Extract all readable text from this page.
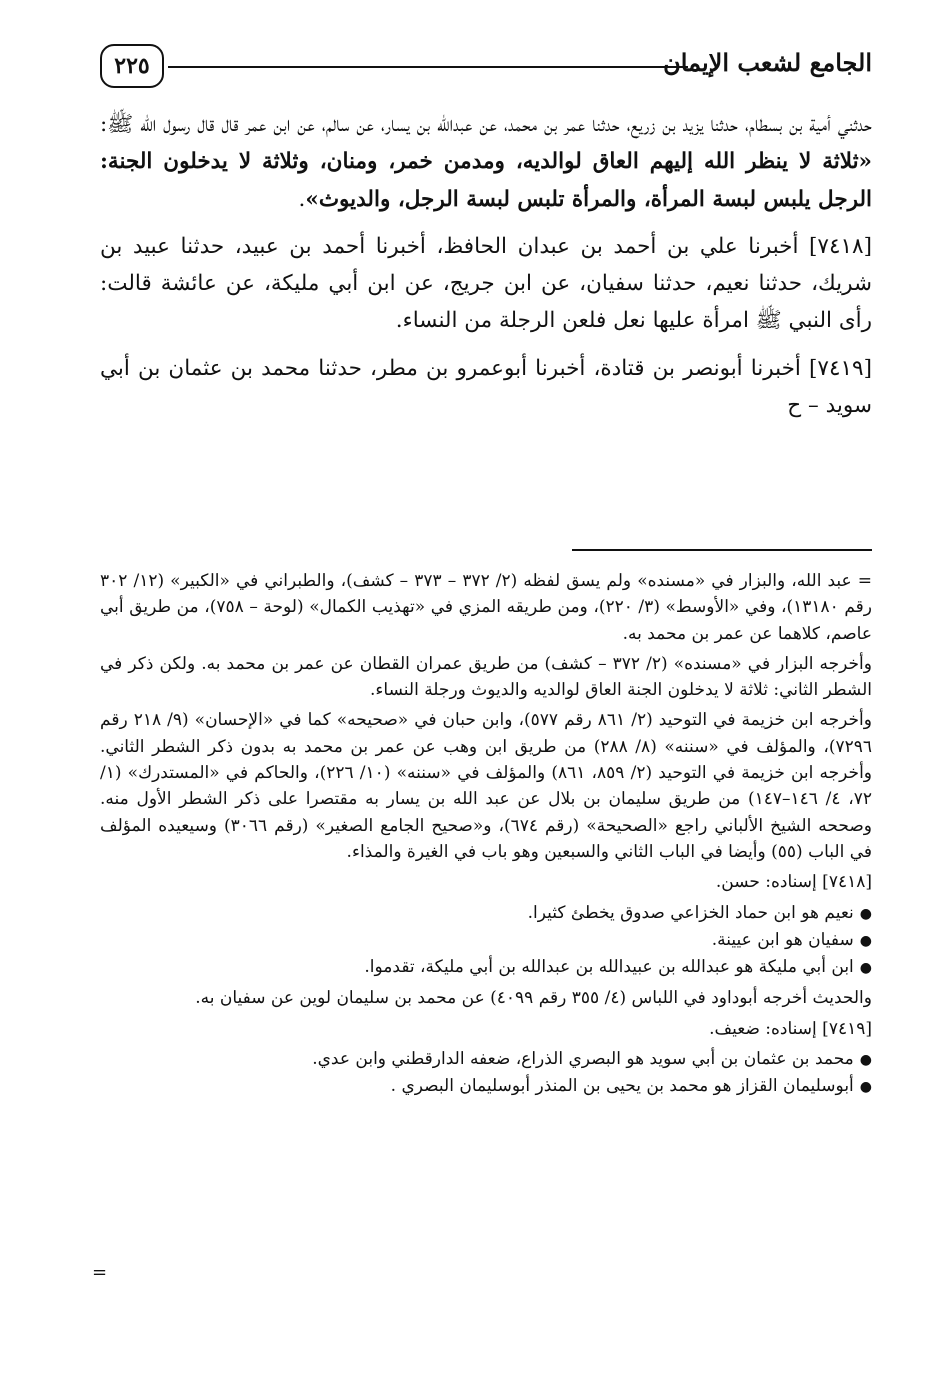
٢٢٥	الجامع لشعب الإيمان

حدثني أمية بن بسطام، حدثنا يزيد بن زريع، حدثنا عمر بن محمد، عن عبدالله بن يسار، عن سالم، عن ابن عمر قال قال رسول الله ﷺ: «ثلاثة لا ينظر الله إليهم العاق لوالديه، ومدمن خمر، ومنان، وثلاثة لا يدخلون الجنة: الرجل يلبس لبسة المرأة، والمرأة تلبس لبسة الرجل، والديوث».

[٧٤١٨] أخبرنا علي بن أحمد بن عبدان الحافظ، أخبرنا أحمد بن عبيد، حدثنا عبيد بن شريك، حدثنا نعيم، حدثنا سفيان، عن ابن جريج، عن ابن أبي مليكة، عن عائشة قالت: رأى النبي ﷺ امرأة عليها نعل فلعن الرجلة من النساء.

[٧٤١٩] أخبرنا أبونصر بن قتادة، أخبرنا أبوعمرو بن مطر، حدثنا محمد بن عثمان بن أبي سويد – ح

= عبد الله، والبزار في «مسنده» ولم يسق لفظه (٢/ ٣٧٢ – ٣٧٣ – كشف)، والطبراني في «الكبير» (١٢/ ٣٠٢ رقم ١٣١٨٠)، وفي «الأوسط» (٣/ ٢٢٠)، ومن طريقه المزي في «تهذيب الكمال» (لوحة – ٧٥٨)، من طريق أبي عاصم، كلاهما عن عمر بن محمد به.

وأخرجه البزار في «مسنده» (٢/ ٣٧٢ – كشف) من طريق عمران القطان عن عمر بن محمد به. ولكن ذكر في الشطر الثاني: ثلاثة لا يدخلون الجنة العاق لوالديه والديوث ورجلة النساء.

وأخرجه ابن خزيمة في التوحيد (٢/ ٨٦١ رقم ٥٧٧)، وابن حبان في «صحيحه» كما في «الإحسان» (٩/ ٢١٨ رقم ٧٢٩٦)، والمؤلف في «سننه» (٨/ ٢٨٨) من طريق ابن وهب عن عمر بن محمد به بدون ذكر الشطر الثاني. وأخرجه ابن خزيمة في التوحيد (٢/ ٨٥٩، ٨٦١) والمؤلف في «سننه» (١٠/ ٢٢٦)، والحاكم في «المستدرك» (١/ ٧٢، ٤/ ١٤٦–١٤٧) من طريق سليمان بن بلال عن عبد الله بن يسار به مقتصرا على ذكر الشطر الأول منه. وصححه الشيخ الألباني راجع «الصحيحة» (رقم ٦٧٤)، و«صحيح الجامع الصغير» (رقم ٣٠٦٦) وسيعيده المؤلف في الباب (٥٥) وأيضا في الباب الثاني والسبعين وهو باب في الغيرة والمذاء.

[٧٤١٨] إسناده: حسن.

●نعيم هو ابن حماد الخزاعي صدوق يخطئ كثيرا.
●سفيان هو ابن عيينة.
●ابن أبي مليكة هو عبدالله بن عبيدالله بن عبدالله بن أبي مليكة، تقدموا.

والحديث أخرجه أبوداود في اللباس (٤/ ٣٥٥ رقم ٤٠٩٩) عن محمد بن سليمان لوين عن سفيان به.

[٧٤١٩] إسناده: ضعيف.

●محمد بن عثمان بن أبي سويد هو البصري الذراع، ضعفه الدارقطني وابن عدي.
●أبوسليمان القزاز هو محمد بن يحيى بن المنذر أبوسليمان البصري .
=
